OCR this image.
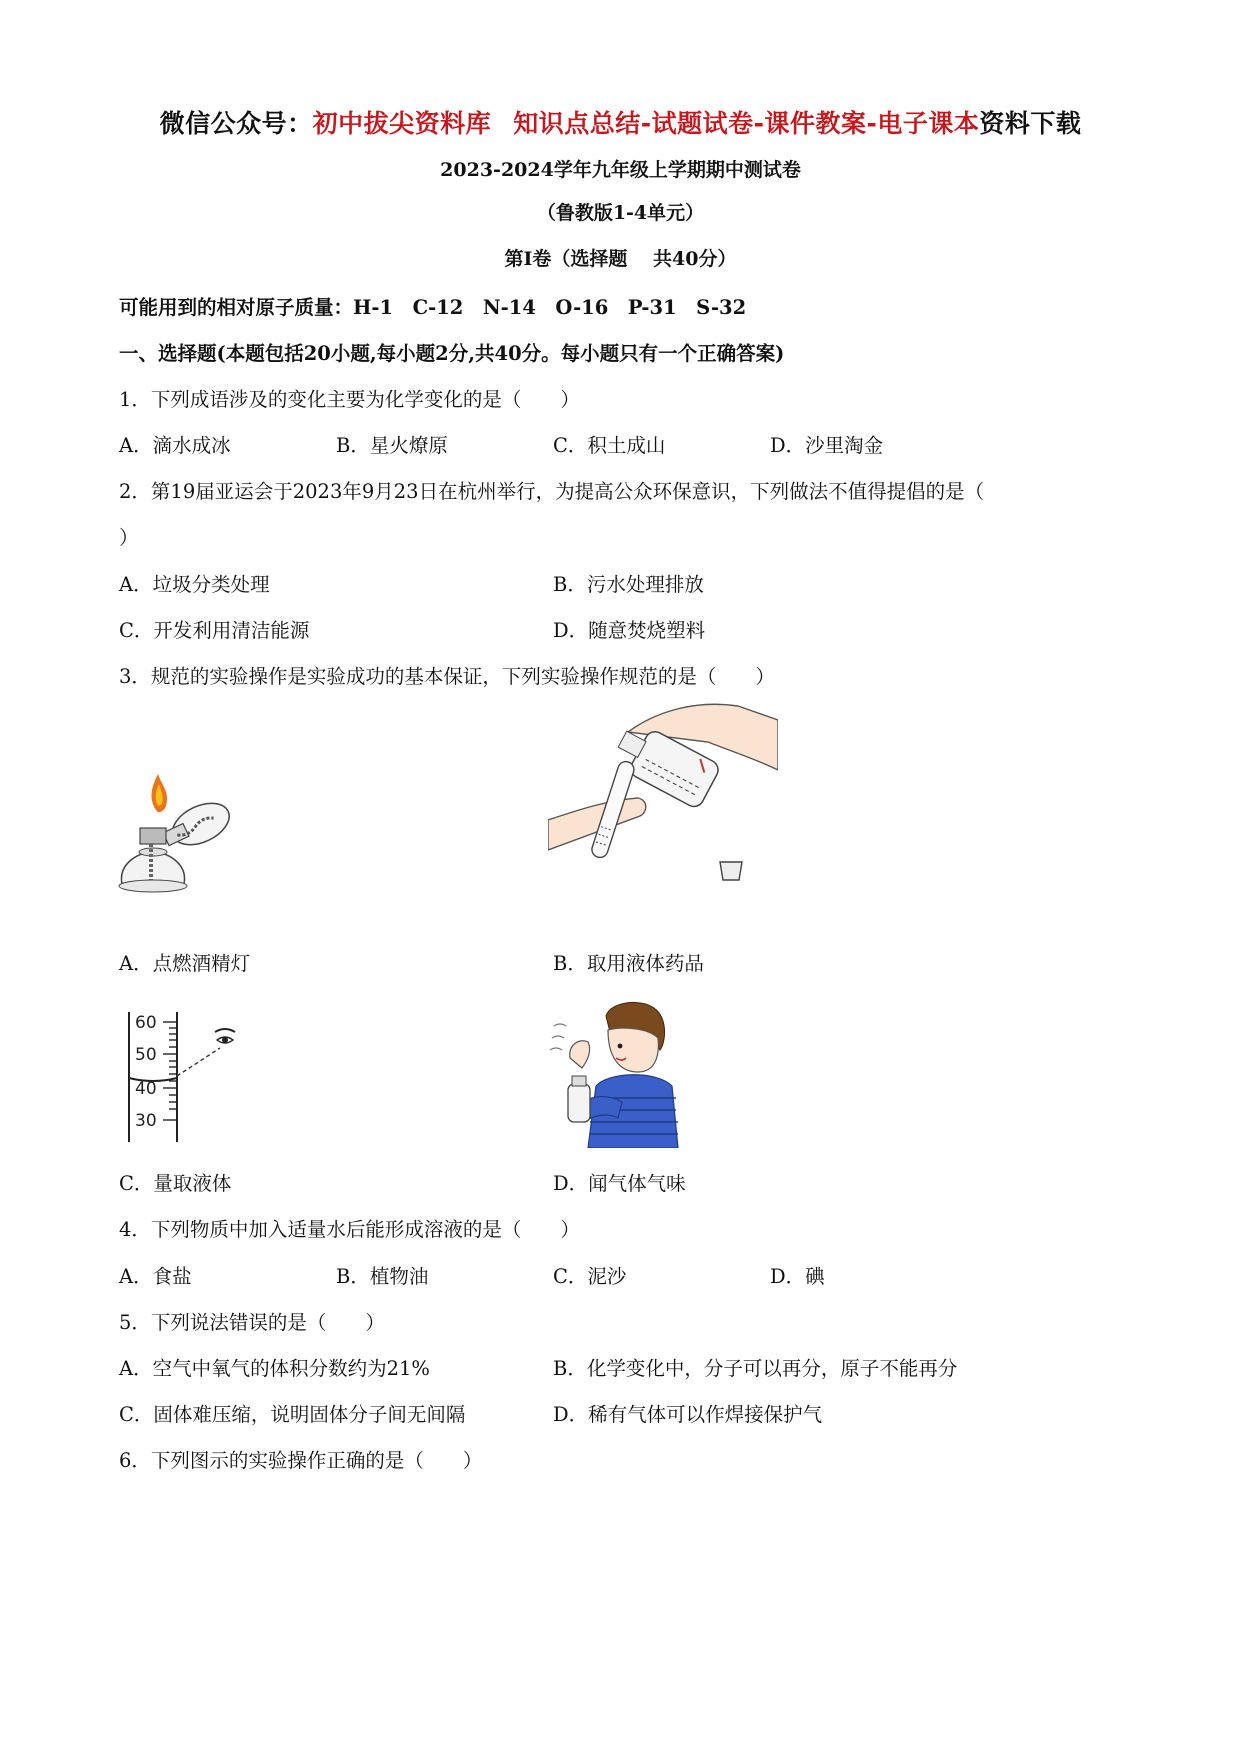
微信公众号：初中拔尖资料库 知识点总结-试题试卷-课件教案-电子课本资料下载
2023-2024学年九年级上学期期中测试卷
（鲁教版1-4单元）
第Ⅰ卷（选择题　 共40分）
可能用到的相对原子质量：H-1　C-12　N-14　O-16　P-31　S-32
一、选择题(本题包括20小题,每小题2分,共40分。每小题只有一个正确答案)
1．下列成语涉及的变化主要为化学变化的是（　　）
A．滴水成冰	B．星火燎原	C．积土成山	D．沙里淘金
2．第19届亚运会于2023年9月23日在杭州举行，为提高公众环保意识，下列做法不值得提倡的是（
）
A．垃圾分类处理	B．污水处理排放
C．开发利用清洁能源	D．随意焚烧塑料
3．规范的实验操作是实验成功的基本保证，下列实验操作规范的是（　　）
A．点燃酒精灯	B．取用液体药品
60
50
40
30
C．量取液体	D．闻气体气味
4．下列物质中加入适量水后能形成溶液的是（　　）
A．食盐	B．植物油	C．泥沙	D．碘
5．下列说法错误的是（　　）
A．空气中氧气的体积分数约为21%	B．化学变化中，分子可以再分，原子不能再分
C．固体难压缩，说明固体分子间无间隔	D．稀有气体可以作焊接保护气
6．下列图示的实验操作正确的是（　　）
